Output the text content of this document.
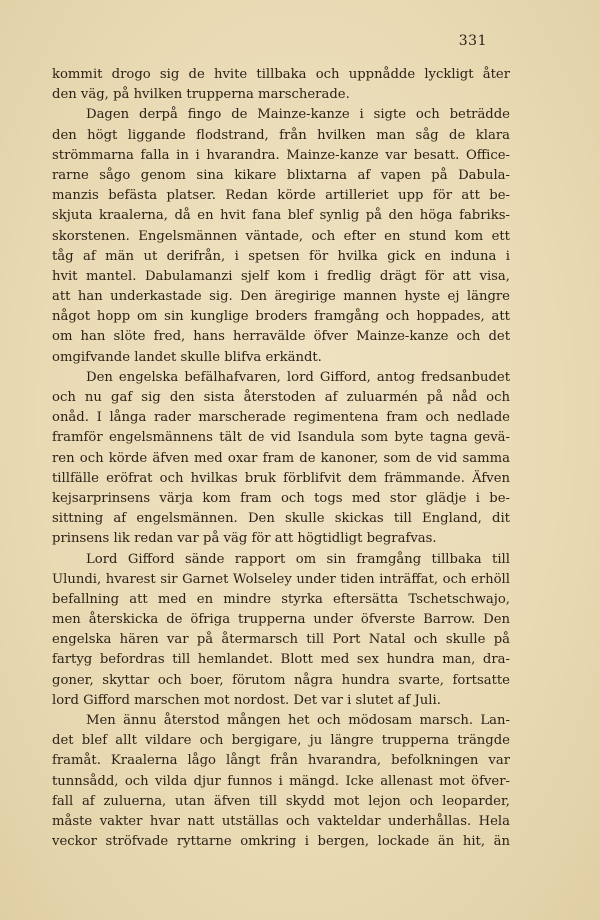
331
kommit drogo sig de hvite tillbaka och uppnådde lyckligt åter
den väg, på hvilken trupperna marscherade.
Dagen derpå fingo de Mainze-kanze i sigte och beträdde
den högt liggande flodstrand, från hvilken man såg de klara
strömmarna falla in i hvarandra. Mainze-kanze var besatt. Office-
rarne sågo genom sina kikare blixtarna af vapen på Dabula-
manzis befästa platser. Redan körde artilleriet upp för att be-
skjuta kraalerna, då en hvit fana blef synlig på den höga fabriks-
skorstenen. Engelsmännen väntade, och efter en stund kom ett
tåg af män ut derifrån, i spetsen för hvilka gick en induna i
hvit mantel. Dabulamanzi sjelf kom i fredlig drägt för att visa,
att han underkastade sig. Den äregirige mannen hyste ej längre
något hopp om sin kunglige broders framgång och hoppades, att
om han slöte fred, hans herravälde öfver Mainze-kanze och det
omgifvande landet skulle blifva erkändt.
Den engelska befälhafvaren, lord Gifford, antog fredsanbudet
och nu gaf sig den sista återstoden af zuluarmén på nåd och
onåd. I långa rader marscherade regimentena fram och nedlade
framför engelsmännens tält de vid Isandula som byte tagna gevä-
ren och körde äfven med oxar fram de kanoner, som de vid samma
tillfälle eröfrat och hvilkas bruk förblifvit dem främmande. Äfven
kejsarprinsens värja kom fram och togs med stor glädje i be-
sittning af engelsmännen. Den skulle skickas till England, dit
prinsens lik redan var på väg för att högtidligt begrafvas.
Lord Gifford sände rapport om sin framgång tillbaka till
Ulundi, hvarest sir Garnet Wolseley under tiden inträffat, och erhöll
befallning att med en mindre styrka eftersätta Tschetschwajo,
men återskicka de öfriga trupperna under öfverste Barrow. Den
engelska hären var på återmarsch till Port Natal och skulle på
fartyg befordras till hemlandet. Blott med sex hundra man, dra-
goner, skyttar och boer, förutom några hundra svarte, fortsatte
lord Gifford marschen mot nordost. Det var i slutet af Juli.
Men ännu återstod mången het och mödosam marsch. Lan-
det blef allt vildare och bergigare, ju längre trupperna trängde
framåt. Kraalerna lågo långt från hvarandra, befolkningen var
tunnsådd, och vilda djur funnos i mängd. Icke allenast mot öfver-
fall af zuluerna, utan äfven till skydd mot lejon och leoparder,
måste vakter hvar natt utställas och vakteldar underhållas. Hela
veckor ströfvade ryttarne omkring i bergen, lockade än hit, än
